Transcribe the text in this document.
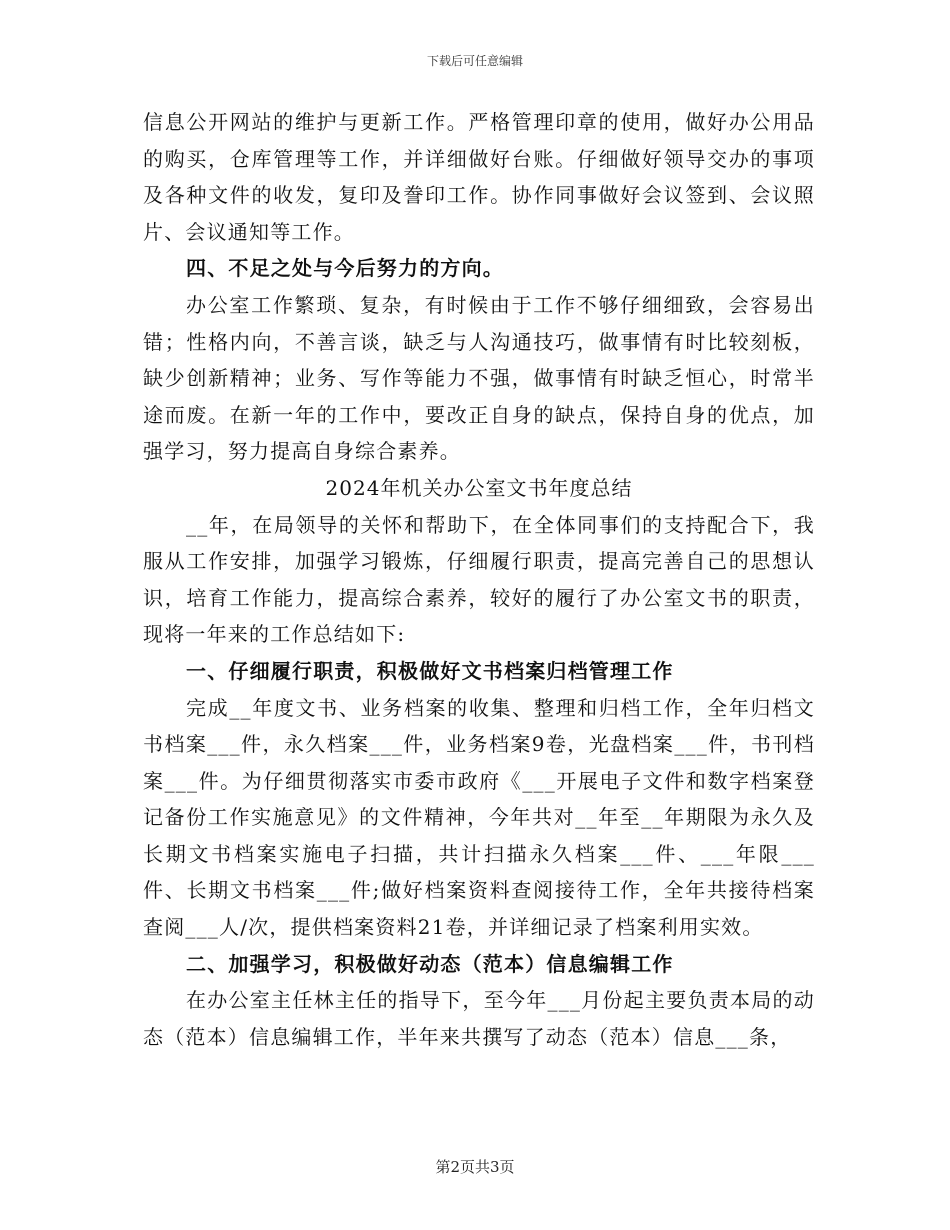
下载后可任意编辑

信息公开网站的维护与更新工作。严格管理印章的使用，做好办公用品的购买，仓库管理等工作，并详细做好台账。仔细做好领导交办的事项及各种文件的收发，复印及誊印工作。协作同事做好会议签到、会议照片、会议通知等工作。

四、不足之处与今后努力的方向。

办公室工作繁琐、复杂，有时候由于工作不够仔细细致，会容易出错；性格内向，不善言谈，缺乏与人沟通技巧，做事情有时比较刻板，缺少创新精神；业务、写作等能力不强，做事情有时缺乏恒心，时常半途而废。在新一年的工作中，要改正自身的缺点，保持自身的优点，加强学习，努力提高自身综合素养。

2024年机关办公室文书年度总结

__年，在局领导的关怀和帮助下，在全体同事们的支持配合下，我服从工作安排，加强学习锻炼，仔细履行职责，提高完善自己的思想认识，培育工作能力，提高综合素养，较好的履行了办公室文书的职责，现将一年来的工作总结如下:

一、仔细履行职责，积极做好文书档案归档管理工作

完成__年度文书、业务档案的收集、整理和归档工作，全年归档文书档案___件，永久档案___件，业务档案9卷，光盘档案___件，书刊档案___件。为仔细贯彻落实市委市政府《___开展电子文件和数字档案登记备份工作实施意见》的文件精神，今年共对__年至__年期限为永久及长期文书档案实施电子扫描，共计扫描永久档案___件、___年限___件、长期文书档案___件;做好档案资料查阅接待工作，全年共接待档案查阅___人/次，提供档案资料21卷，并详细记录了档案利用实效。

二、加强学习，积极做好动态（范本）信息编辑工作

在办公室主任林主任的指导下，至今年___月份起主要负责本局的动态（范本）信息编辑工作，半年来共撰写了动态（范本）信息___条，

第2页共3页
